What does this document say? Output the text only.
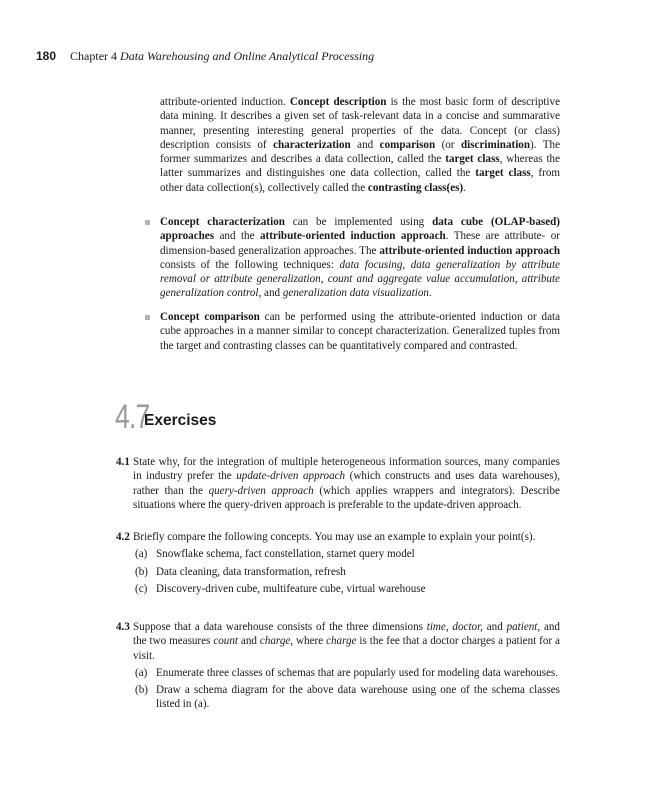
180 Chapter 4 Data Warehousing and Online Analytical Processing
attribute-oriented induction. Concept description is the most basic form of descriptive data mining. It describes a given set of task-relevant data in a concise and summarative manner, presenting interesting general properties of the data. Concept (or class) description consists of characterization and comparison (or discrimination). The former summarizes and describes a data collection, called the target class, whereas the latter summarizes and distinguishes one data collection, called the target class, from other data collection(s), collectively called the contrasting class(es).
Concept characterization can be implemented using data cube (OLAP-based) approaches and the attribute-oriented induction approach. These are attribute- or dimension-based generalization approaches. The attribute-oriented induction approach consists of the following techniques: data focusing, data generalization by attribute removal or attribute generalization, count and aggregate value accumulation, attribute generalization control, and generalization data visualization.
Concept comparison can be performed using the attribute-oriented induction or data cube approaches in a manner similar to concept characterization. Generalized tuples from the target and contrasting classes can be quantitatively compared and contrasted.
4.7
Exercises
4.1 State why, for the integration of multiple heterogeneous information sources, many companies in industry prefer the update-driven approach (which constructs and uses data warehouses), rather than the query-driven approach (which applies wrappers and integrators). Describe situations where the query-driven approach is preferable to the update-driven approach.
4.2 Briefly compare the following concepts. You may use an example to explain your point(s).
(a) Snowflake schema, fact constellation, starnet query model
(b) Data cleaning, data transformation, refresh
(c) Discovery-driven cube, multifeature cube, virtual warehouse
4.3 Suppose that a data warehouse consists of the three dimensions time, doctor, and patient, and the two measures count and charge, where charge is the fee that a doctor charges a patient for a visit.
(a) Enumerate three classes of schemas that are popularly used for modeling data warehouses.
(b) Draw a schema diagram for the above data warehouse using one of the schema classes listed in (a).
